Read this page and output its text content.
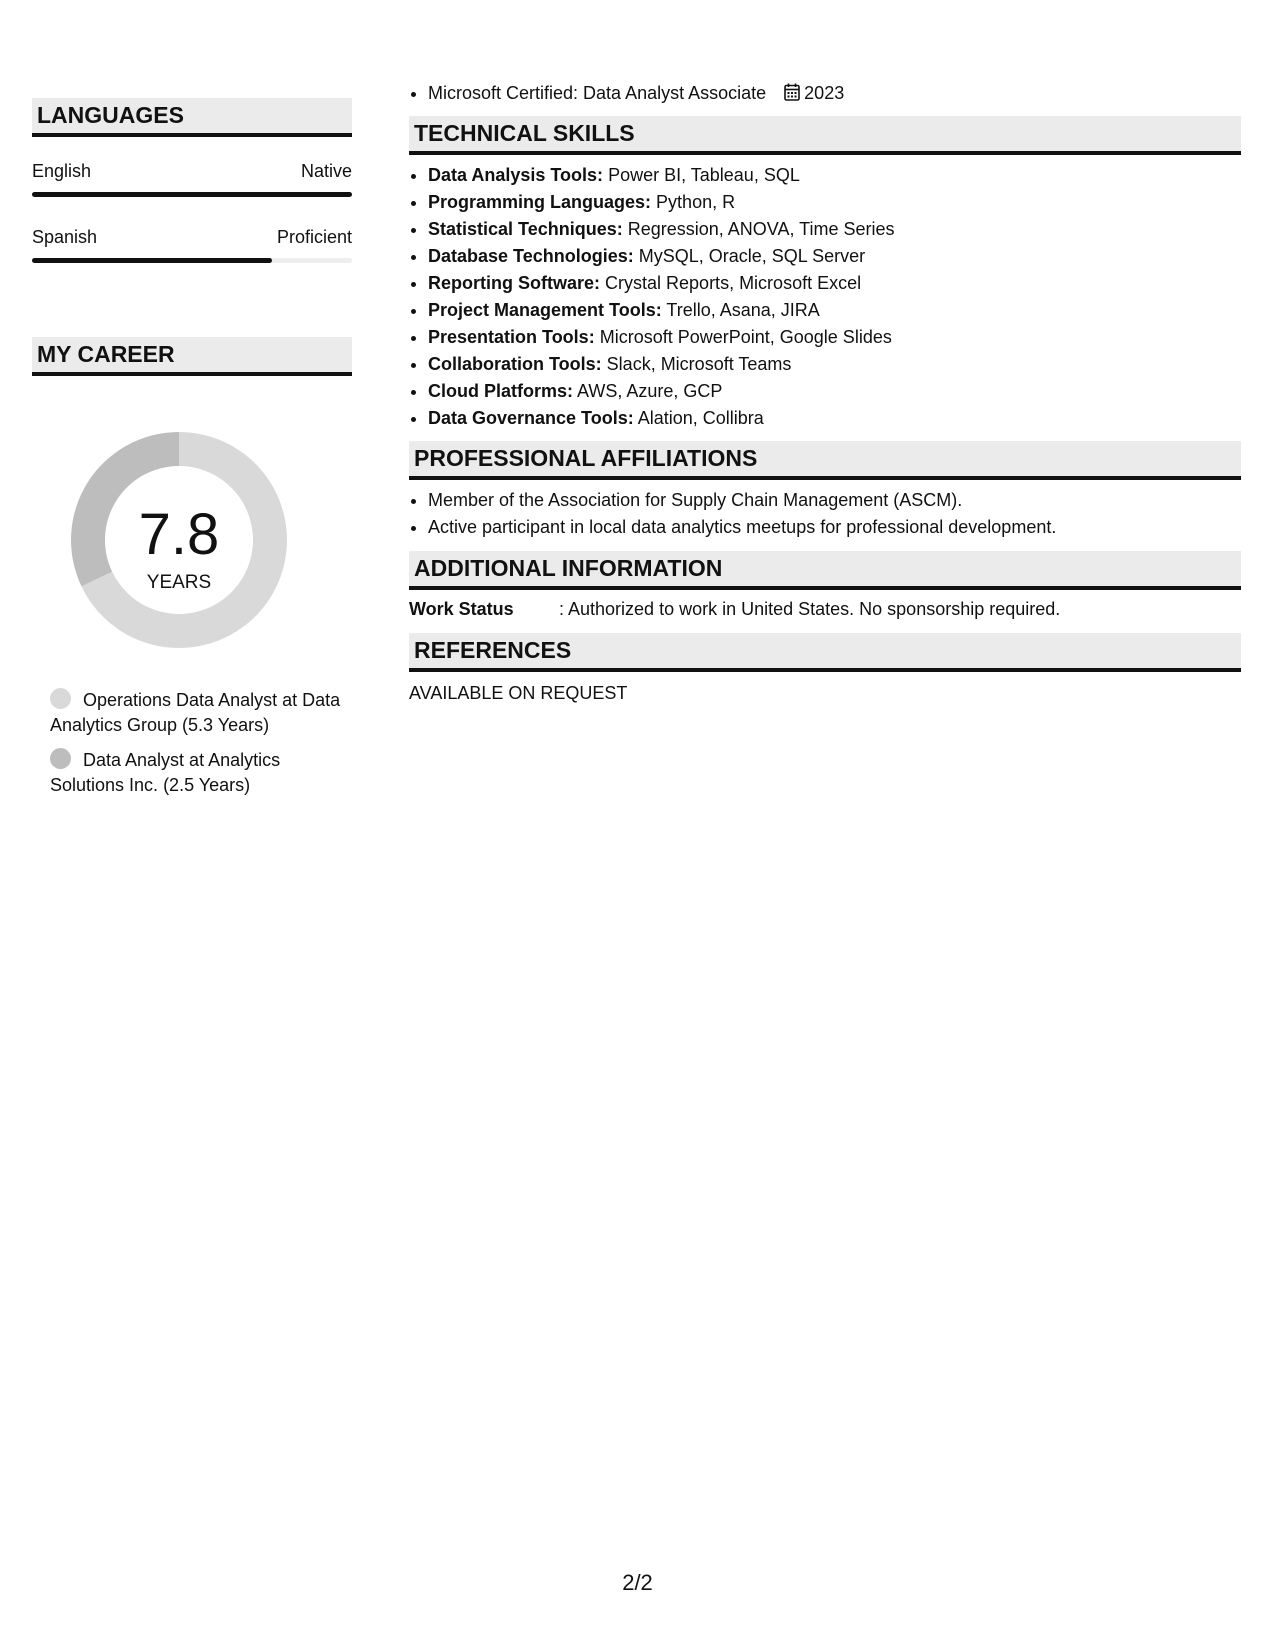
LANGUAGES
English	Native
Spanish	Proficient
MY CAREER
7.8
YEARS
Operations Data Analyst at Data Analytics Group (5.3 Years)
Data Analyst at Analytics Solutions Inc. (2.5 Years)
• Microsoft Certified: Data Analyst Associate 2023
TECHNICAL SKILLS
• Data Analysis Tools: Power BI, Tableau, SQL
• Programming Languages: Python, R
• Statistical Techniques: Regression, ANOVA, Time Series
• Database Technologies: MySQL, Oracle, SQL Server
• Reporting Software: Crystal Reports, Microsoft Excel
• Project Management Tools: Trello, Asana, JIRA
• Presentation Tools: Microsoft PowerPoint, Google Slides
• Collaboration Tools: Slack, Microsoft Teams
• Cloud Platforms: AWS, Azure, GCP
• Data Governance Tools: Alation, Collibra
PROFESSIONAL AFFILIATIONS
• Member of the Association for Supply Chain Management (ASCM).
• Active participant in local data analytics meetups for professional development.
ADDITIONAL INFORMATION
Work Status	: Authorized to work in United States. No sponsorship required.
REFERENCES
AVAILABLE ON REQUEST
2/2
